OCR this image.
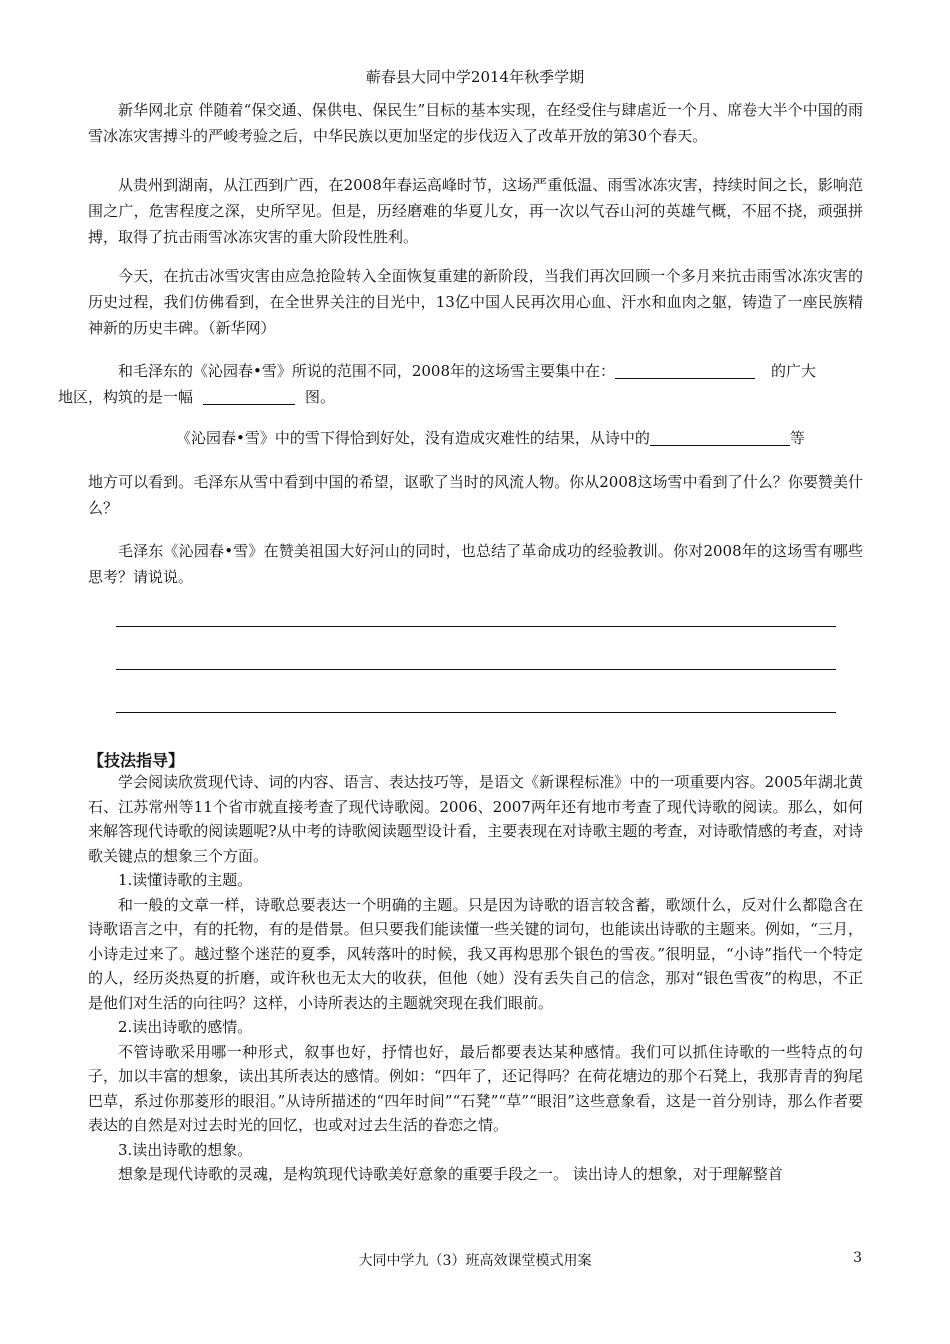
蕲春县大同中学2014年秋季学期

新华网北京 伴随着“保交通、保供电、保民生”目标的基本实现，在经受住与肆虐近一个月、席卷大半个中国的雨雪冰冻灾害搏斗的严峻考验之后，中华民族以更加坚定的步伐迈入了改革开放的第30个春天。

从贵州到湖南，从江西到广西，在2008年春运高峰时节，这场严重低温、雨雪冰冻灾害，持续时间之长，影响范围之广，危害程度之深，史所罕见。但是，历经磨难的华夏儿女，再一次以气吞山河的英雄气概，不屈不挠，顽强拼搏，取得了抗击雨雪冰冻灾害的重大阶段性胜利。

今天，在抗击冰雪灾害由应急抢险转入全面恢复重建的新阶段，当我们再次回顾一个多月来抗击雨雪冰冻灾害的历史过程，我们仿佛看到，在全世界关注的目光中，13亿中国人民再次用心血、汗水和血肉之躯，铸造了一座民族精神新的历史丰碑。（新华网）

和毛泽东的《沁园春•雪》所说的范围不同，2008年的这场雪主要集中在：	的广大
地区，构筑的是一幅	图。

《沁园春•雪》中的雪下得恰到好处，没有造成灾难性的结果，从诗中的	等

地方可以看到。毛泽东从雪中看到中国的希望，讴歌了当时的风流人物。你从2008这场雪中看到了什么？你要赞美什么？

毛泽东《沁园春•雪》在赞美祖国大好河山的同时，也总结了革命成功的经验教训。你对2008年的这场雪有哪些思考？请说说。

【技法指导】
学会阅读欣赏现代诗、词的内容、语言、表达技巧等，是语文《新课程标准》中的一项重要内容。2005年湖北黄石、江苏常州等11个省市就直接考查了现代诗歌阅。2006、2007两年还有地市考查了现代诗歌的阅读。那么，如何来解答现代诗歌的阅读题呢?从中考的诗歌阅读题型设计看，主要表现在对诗歌主题的考查，对诗歌情感的考查，对诗歌关键点的想象三个方面。
1.读懂诗歌的主题。
和一般的文章一样，诗歌总要表达一个明确的主题。只是因为诗歌的语言较含蓄，歌颂什么，反对什么都隐含在诗歌语言之中，有的托物，有的是借景。但只要我们能读懂一些关键的词句，也能读出诗歌的主题来。例如，“三月，小诗走过来了。越过整个迷茫的夏季，风转落叶的时候，我又再构思那个银色的雪夜。”很明显，“小诗”指代一个特定的人，经历炎热夏的折磨，或许秋也无太大的收获，但他（她）没有丢失自己的信念，那对“银色雪夜”的构思，不正是他们对生活的向往吗？这样，小诗所表达的主题就突现在我们眼前。
2.读出诗歌的感情。
不管诗歌采用哪一种形式，叙事也好，抒情也好，最后都要表达某种感情。我们可以抓住诗歌的一些特点的句子，加以丰富的想象，读出其所表达的感情。例如：“四年了，还记得吗？在荷花塘边的那个石凳上，我那青青的狗尾巴草，系过你那菱形的眼泪。”从诗所描述的“四年时间”“石凳”“草”“眼泪”这些意象看，这是一首分别诗，那么作者要表达的自然是对过去时光的回忆，也或对过去生活的眷恋之情。
3.读出诗歌的想象。
想象是现代诗歌的灵魂，是构筑现代诗歌美好意象的重要手段之一。 读出诗人的想象，对于理解整首
大同中学九（3）班高效课堂模式用案	3
